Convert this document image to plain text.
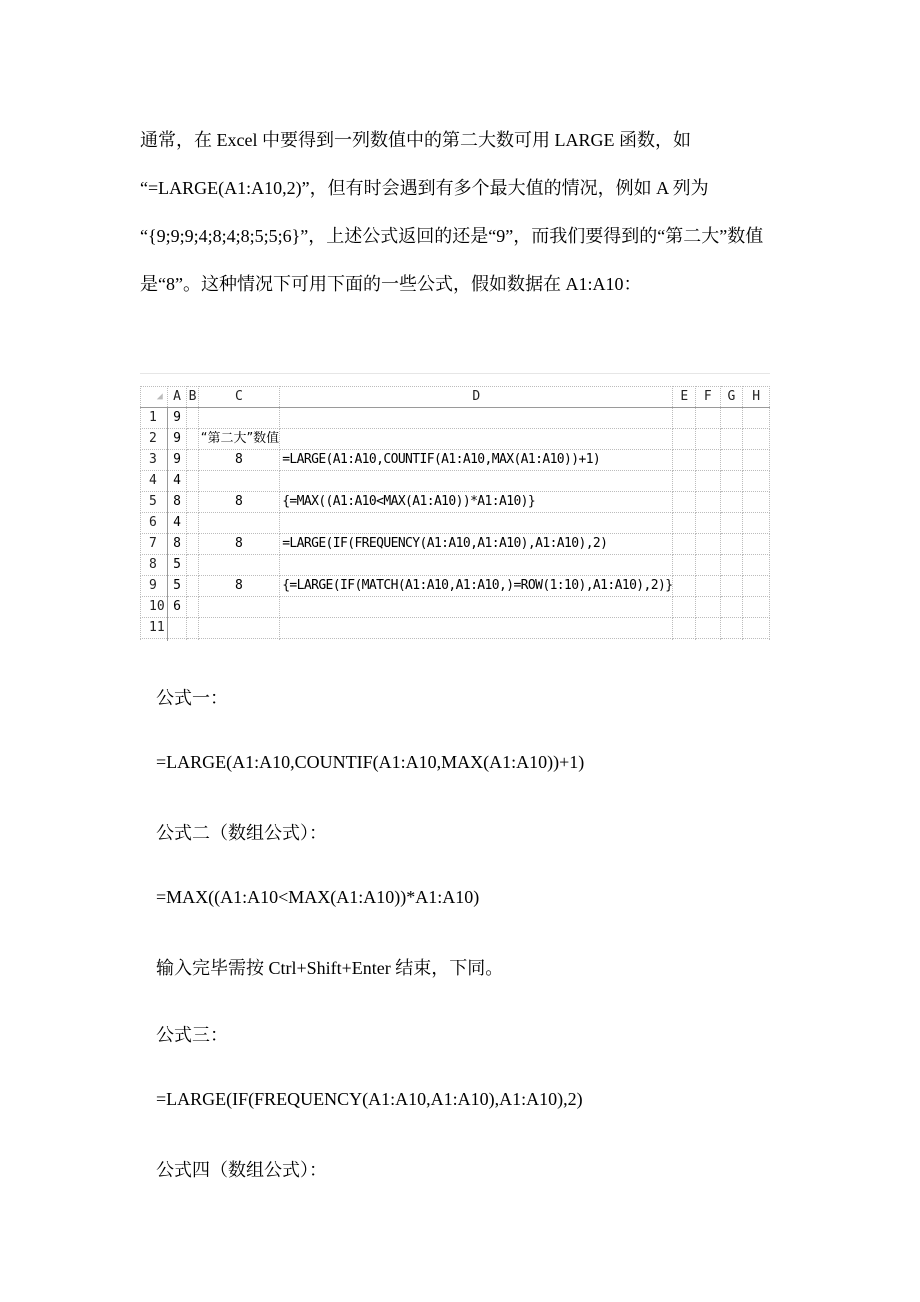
通常，在 Excel 中要得到一列数值中的第二大数可用 LARGE 函数，如

“=LARGE(A1:A10,2)”，但有时会遇到有多个最大值的情况，例如 A 列为

“{9;9;9;4;8;4;8;5;5;6}”，上述公式返回的还是“9”，而我们要得到的“第二大”数值

是“8”。这种情况下可用下面的一些公式，假如数据在 A1:A10：

◢	A	B	C	D	E	F	G	H
1	9							
2	9		“第二大”数值					
3	9		8	=LARGE(A1:A10,COUNTIF(A1:A10,MAX(A1:A10))+1)				
4	4							
5	8		8	{=MAX((A1:A10<MAX(A1:A10))*A1:A10)}				
6	4							
7	8		8	=LARGE(IF(FREQUENCY(A1:A10,A1:A10),A1:A10),2)				
8	5							
9	5		8	{=LARGE(IF(MATCH(A1:A10,A1:A10,)=ROW(1:10),A1:A10),2)}				
10	6							
11								

公式一：
=LARGE(A1:A10,COUNTIF(A1:A10,MAX(A1:A10))+1)
公式二（数组公式）：
=MAX((A1:A10<MAX(A1:A10))*A1:A10)
输入完毕需按 Ctrl+Shift+Enter 结束，下同。
公式三：
=LARGE(IF(FREQUENCY(A1:A10,A1:A10),A1:A10),2)
公式四（数组公式）：
